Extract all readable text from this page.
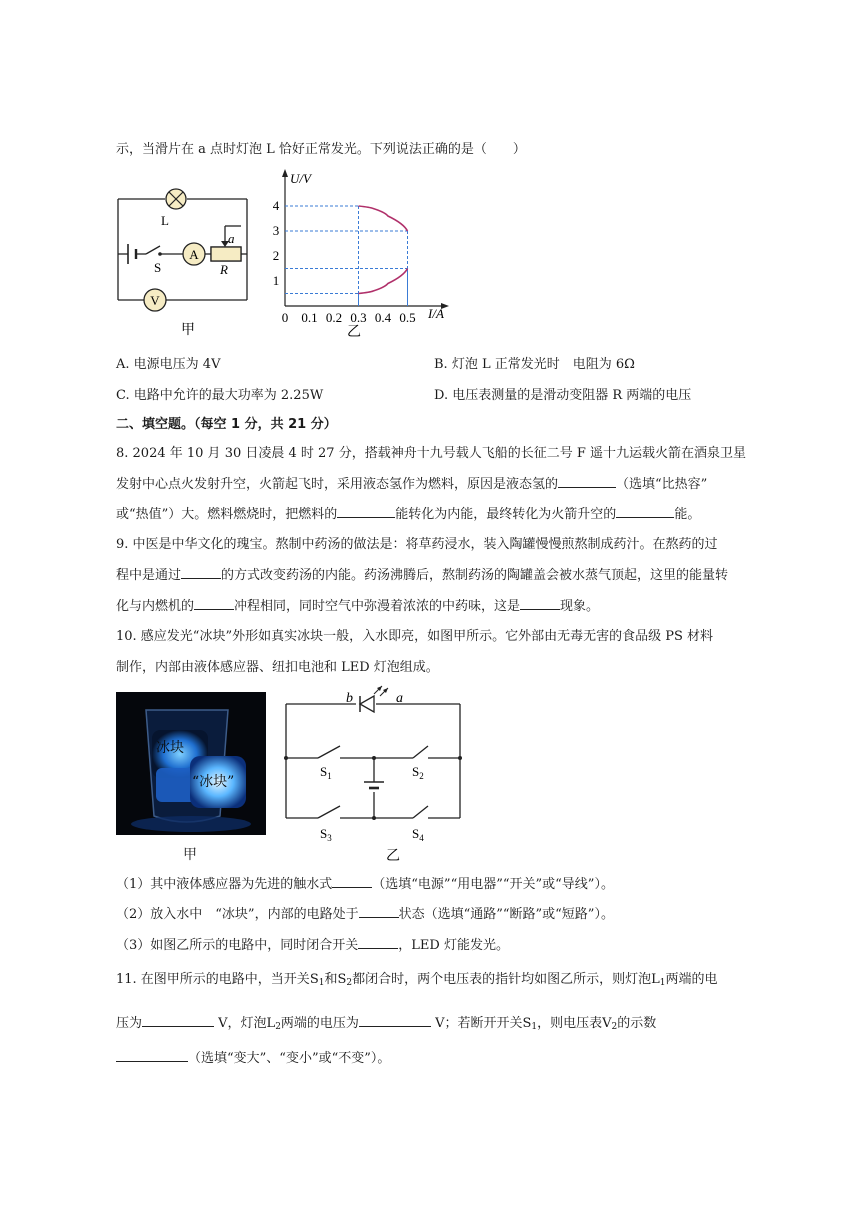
示，当滑片在 a 点时灯泡 L 恰好正常发光。下列说法正确的是（　　）
A
V
L
S	R
a
甲
0 0.1 0.2 0.3 0.4 0.5
1
2
3
4
U/V
I/A
乙
A. 电源电压为 4V	B. 灯泡 L 正常发光时　电阻为 6Ω
C. 电路中允许的最大功率为 2.25W	D. 电压表测量的是滑动变阻器 R 两端的电压
二、填空题。（每空 1 分，共 21 分）
8. 2024 年 10 月 30 日凌晨 4 时 27 分，搭载神舟十九号载人飞船的长征二号 F 遥十九运载火箭在酒泉卫星
发射中心点火发射升空，火箭起飞时，采用液态氢作为燃料，原因是液态氢的	（选填“比热容”
或“热值”）大。燃料燃烧时，把燃料的	能转化为内能，最终转化为火箭升空的	能。
9. 中医是中华文化的瑰宝。熬制中药汤的做法是：将草药浸水，装入陶罐慢慢煎熬制成药汁。在熬药的过
程中是通过	的方式改变药汤的内能。药汤沸腾后，熬制药汤的陶罐盖会被水蒸气顶起，这里的能量转
化与内燃机的	冲程相同，同时空气中弥漫着浓浓的中药味，这是	现象。
10. 感应发光“冰块”外形如真实冰块一般，入水即亮，如图甲所示。它外部由无毒无害的食品级 PS 材料
制作，内部由液体感应器、纽扣电池和 LED 灯泡组成。
冰块
“冰块”
甲
b	a
$S_1$	$S_2$
$S_3$	$S_4$
乙
（1）其中液体感应器为先进的触水式	（选填“电源”“用电器”“开关”或“导线”）。
（2）放入水中　“冰块”，内部的电路处于	状态（选填“通路”“断路”或“短路”）。
（3）如图乙所示的电路中，同时闭合开关	，LED 灯能发光。
11. 在图甲所示的电路中，当开关$S_1$和$S_2$都闭合时，两个电压表的指针均如图乙所示，则灯泡$L_1$两端的电
压为	V，灯泡$L_2$两端的电压为	V；若断开开关$S_1$，则电压表$V_2$的示数
（选填“变大”、“变小”或“不变”）。
